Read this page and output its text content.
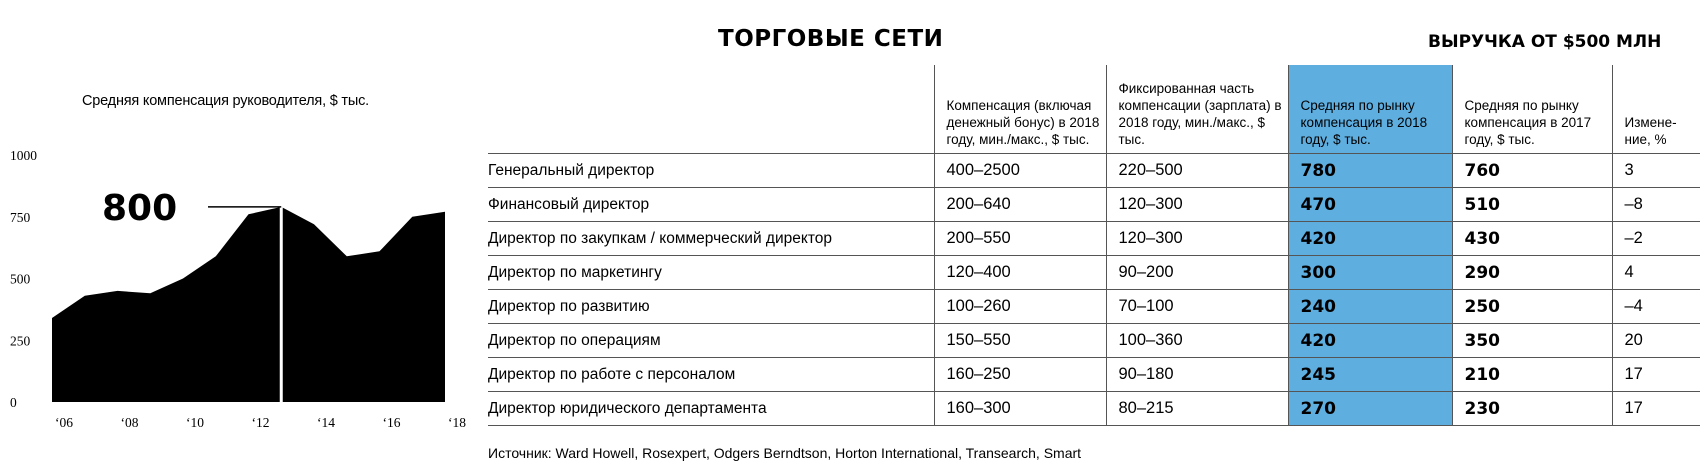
Средняя компенсация руководителя, $ тыс.
0
250
500
750
1000
800
‘06	‘08	‘10	‘12	‘14	‘16	‘18
ТОРГОВЫЕ СЕТИ	ВЫРУЧКА ОТ $500 МЛН
	Компенсация (включая денежный бонус) в 2018 году, мин./макс., $ тыс.	Фиксированная часть компенсации (зарплата) в 2018 году, мин./макс., $ тыс.	Средняя по рынку компенсация в 2018 году, $ тыс.	Средняя по рынку компенсация в 2017 году, $ тыс.	Измене-ние, %
Генеральный директор	400–2500	220–500	780	760	3
Финансовый директор	200–640	120–300	470	510	–8
Директор по закупкам / коммерческий директор	200–550	120–300	420	430	–2
Директор по маркетингу	120–400	90–200	300	290	4
Директор по развитию	100–260	70–100	240	250	–4
Директор по операциям	150–550	100–360	420	350	20
Директор по работе с персоналом	160–250	90–180	245	210	17
Директор юридического департамента	160–300	80–215	270	230	17
Источник: Ward Howell, Rosexpert, Odgers Berndtson, Horton International, Transearch, Smart
